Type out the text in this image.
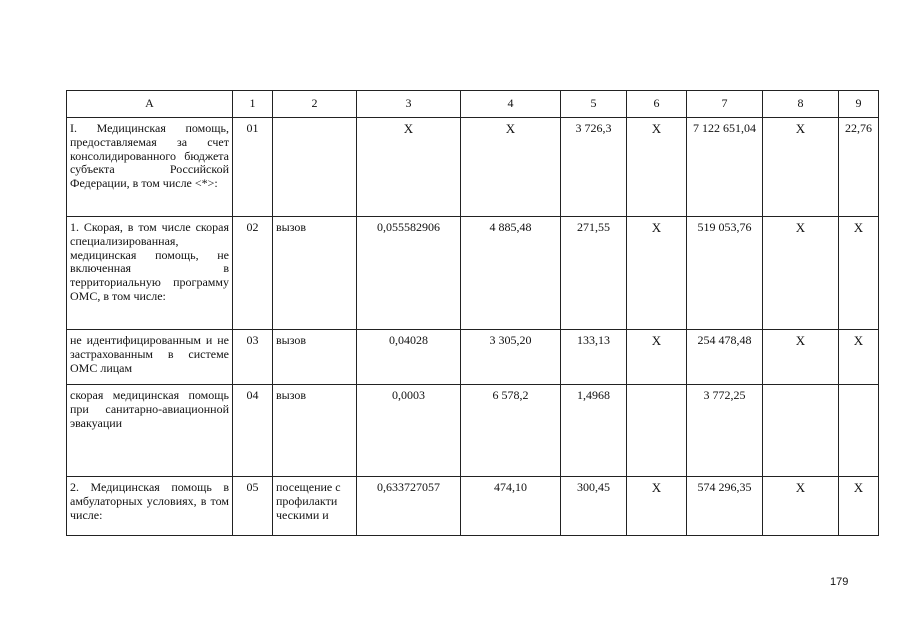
А	1	2	3	4	5	6	7	8	9
I. Медицинская помощь, предоставляемая за счет консолидированного бюджета субъекта Российской Федерации, в том числе <*>:	01		Х	Х	3 726,3	Х	7 122 651,04	Х	22,76
1. Скорая, в том числе скорая специализированная, медицинская помощь, не включенная в территориальную программу ОМС, в том числе:	02	вызов	0,055582906	4 885,48	271,55	Х	519 053,76	Х	Х
не идентифицированным и не застрахованным в системе ОМС лицам	03	вызов	0,04028	3 305,20	133,13	Х	254 478,48	Х	Х
скорая медицинская помощь при санитарно-авиационной эвакуации	04	вызов	0,0003	6 578,2	1,4968		3 772,25		
2. Медицинская помощь в амбулаторных условиях, в том числе:	05	посещение с профилакти ческими и	0,633727057	474,10	300,45	Х	574 296,35	Х	Х
179
